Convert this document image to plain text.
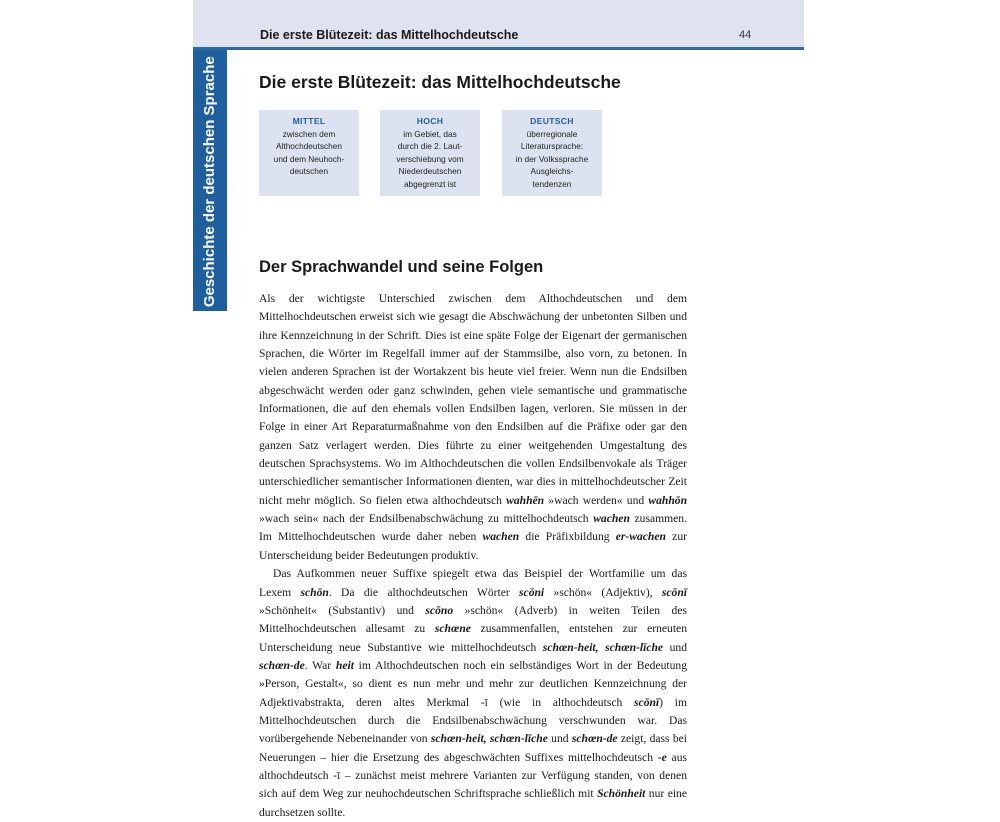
Die erste Blütezeit: das Mittelhochdeutsche	44
Zur Geschichte der deutschen Sprache Die erste Blütezeit: das Mittelhochdeutsche
MITTEL
zwischen dem
Althochdeutschen
und dem Neuhoch-
deutschen
HOCH
im Gebiet, das
durch die 2. Laut-
verschiebung vom
Niederdeutschen
abgegrenzt ist
DEUTSCH
überregionale
Literatursprache:
in der Volkssprache
Ausgleichs-
tendenzen
Der Sprachwandel und seine Folgen

Als der wichtigste Unterschied zwischen dem Althochdeutschen und dem Mittelhochdeutschen erweist sich wie gesagt die Abschwächung der unbetonten Silben und ihre Kennzeichnung in der Schrift. Dies ist eine späte Folge der Eigenart der germanischen Sprachen, die Wörter im Regelfall immer auf der Stammsilbe, also vorn, zu betonen. In vielen anderen Sprachen ist der Wortakzent bis heute viel freier. Wenn nun die Endsilben abgeschwächt werden oder ganz schwinden, gehen viele semantische und grammatische Informationen, die auf den ehemals vollen Endsilben lagen, verloren. Sie müssen in der Folge in einer Art Reparaturmaßnahme von den Endsilben auf die Präfixe oder gar den ganzen Satz verlagert werden. Dies führte zu einer weitgehenden Umgestaltung des deutschen Sprachsystems. Wo im Althochdeutschen die vollen Endsilbenvokale als Träger unterschiedlicher semantischer Informationen dienten, war dies in mittelhochdeutscher Zeit nicht mehr möglich. So fielen etwa althochdeutsch wahhēn »wach werden« und wahhōn »wach sein« nach der Endsilbenabschwächung zu mittelhochdeutsch wachen zusammen. Im Mittelhochdeutschen wurde daher neben wachen die Präfixbildung er-wachen zur Unterscheidung beider Bedeutungen produktiv.

Das Aufkommen neuer Suffixe spiegelt etwa das Beispiel der Wortfamilie um das Lexem schōn. Da die althochdeutschen Wörter scōni »schön« (Adjektiv), scōnī »Schönheit« (Substantiv) und scōno »schön« (Adverb) in weiten Teilen des Mittelhochdeutschen allesamt zu schœne zusammenfallen, entstehen zur erneuten Unterscheidung neue Substantive wie mittelhochdeutsch schœn-heit, schœn-līche und schœn-de. War heit im Althochdeutschen noch ein selbständiges Wort in der Bedeutung »Person, Gestalt«, so dient es nun mehr und mehr zur deutlichen Kennzeichnung der Adjektivabstrakta, deren altes Merkmal -ī (wie in althochdeutsch scōnī) im Mittelhochdeutschen durch die Endsilbenabschwächung verschwunden war. Das vorübergehende Nebeneinander von schœn-heit, schœn-līche und schœn-de zeigt, dass bei Neuerungen – hier die Ersetzung des abgeschwächten Suffixes mittelhochdeutsch -e aus althochdeutsch -ī – zunächst meist mehrere Varianten zur Verfügung standen, von denen sich auf dem Weg zur neuhochdeutschen Schriftsprache schließlich mit Schönheit nur eine durchsetzen sollte.
